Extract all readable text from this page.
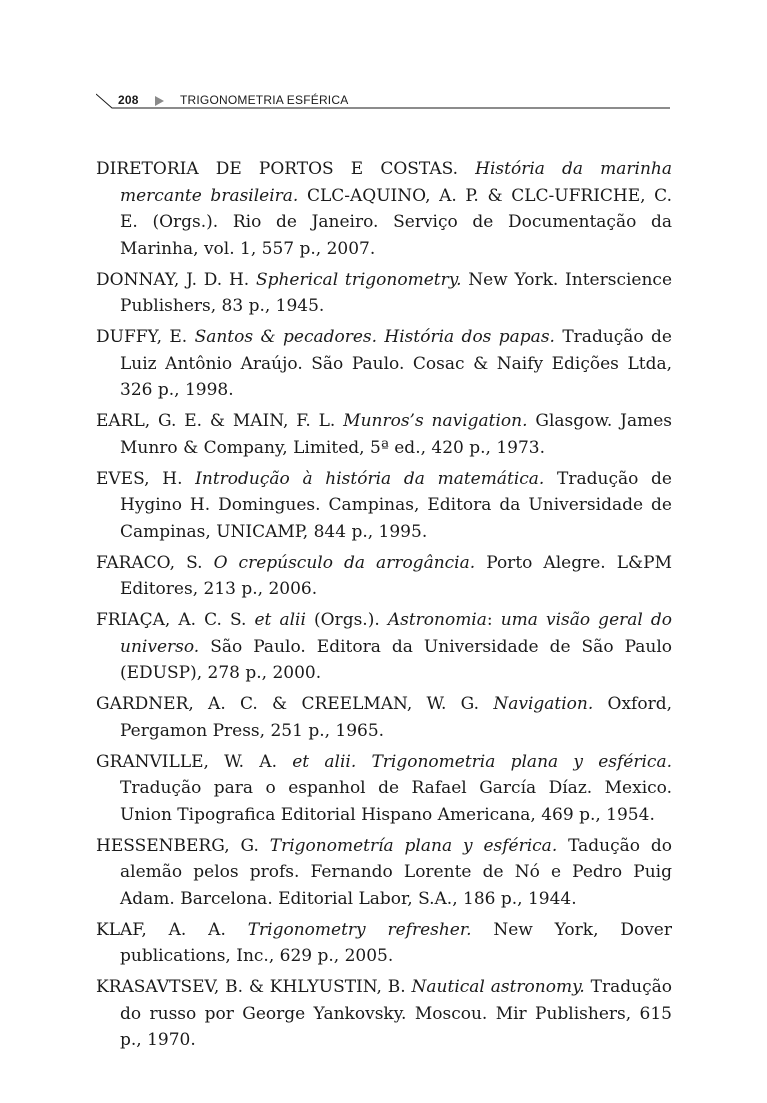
208	TRIGONOMETRIA ESFÉRICA
DIRETORIA DE PORTOS E COSTAS. História da marinha mercante brasileira. CLC-AQUINO, A. P. & CLC-UFRICHE, C. E. (Orgs.). Rio de Janeiro. Serviço de Documentação da Marinha, vol. 1, 557 p., 2007.
DONNAY, J. D. H. Spherical trigonometry. New York. Interscience Publishers, 83 p., 1945.
DUFFY, E. Santos & pecadores. História dos papas. Tradução de Luiz Antônio Araújo. São Paulo. Cosac & Naify Edições Ltda, 326 p., 1998.
EARL, G. E. & MAIN, F. L. Munros’s navigation. Glasgow. James Munro & Company, Limited, 5ª ed., 420 p., 1973.
EVES, H. Introdução à história da matemática. Tradução de Hygino H. Domingues. Campinas, Editora da Universidade de Campinas, UNICAMP, 844 p., 1995.
FARACO, S. O crepúsculo da arrogância. Porto Alegre. L&PM Editores, 213 p., 2006.
FRIAÇA, A. C. S. et alii (Orgs.). Astronomia: uma visão geral do universo. São Paulo. Editora da Universidade de São Paulo (EDUSP), 278 p., 2000.
GARDNER, A. C. & CREELMAN, W. G. Navigation. Oxford, Pergamon Press, 251 p., 1965.
GRANVILLE, W. A. et alii. Trigonometria plana y esférica. Tradução para o espanhol de Rafael García Díaz. Mexico. Union Tipografica Editorial Hispano Americana, 469 p., 1954.
HESSENBERG, G. Trigonometría plana y esférica. Tadução do alemão pelos profs. Fernando Lorente de Nó e Pedro Puig Adam. Barcelona. Editorial Labor, S.A., 186 p., 1944.
KLAF, A. A. Trigonometry refresher. New York, Dover publications, Inc., 629 p., 2005.
KRASAVTSEV, B. & KHLYUSTIN, B. Nautical astronomy. Tradução do russo por George Yankovsky. Moscou. Mir Publishers, 615 p., 1970.
